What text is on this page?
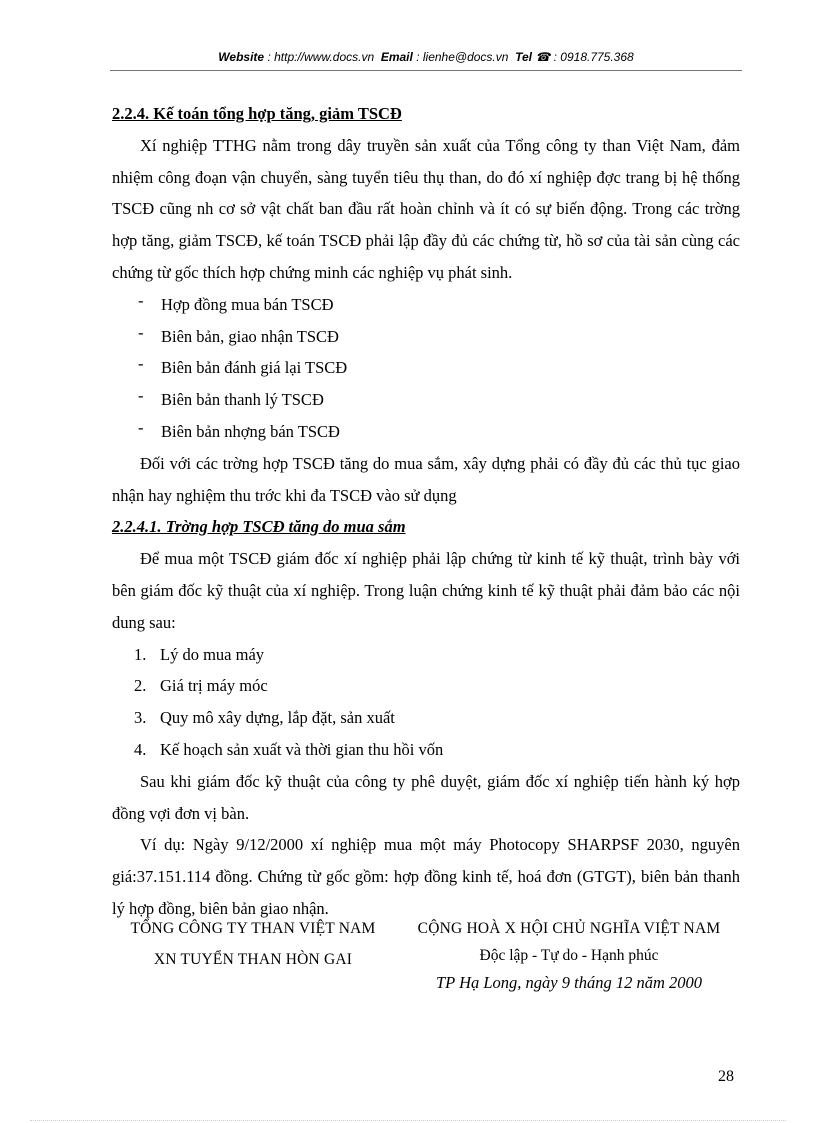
Website : http://www.docs.vn Email : lienhe@docs.vn Tel ☎ : 0918.775.368

2.2.4. Kế toán tổng hợp tăng, giảm TSCĐ

Xí nghiệp TTHG nằm trong dây truyền sản xuất của Tổng công ty than Việt Nam, đảm nhiệm công đoạn vận chuyển, sàng tuyển tiêu thụ than, do đó xí nghiệp đợc trang bị hệ thống TSCĐ cũng nh cơ sở vật chất ban đầu rất hoàn chỉnh và ít có sự biến động. Trong các trờng hợp tăng, giảm TSCĐ, kế toán TSCĐ phải lập đầy đủ các chứng từ, hồ sơ của tài sản cùng các chứng từ gốc thích hợp chứng minh các nghiệp vụ phát sinh.

- Hợp đồng mua bán TSCĐ
- Biên bản, giao nhận TSCĐ
- Biên bản đánh giá lại TSCĐ
- Biên bản thanh lý TSCĐ
- Biên bản nhợng bán TSCĐ

Đối với các trờng hợp TSCĐ tăng do mua sắm, xây dựng phải có đầy đủ các thủ tục giao nhận hay nghiệm thu trớc khi đa TSCĐ vào sử dụng

2.2.4.1. Trờng hợp TSCĐ tăng do mua sắm

Để mua một TSCĐ giám đốc xí nghiệp phải lập chứng từ kinh tế kỹ thuật, trình bày với bên giám đốc kỹ thuật của xí nghiệp. Trong luận chứng kinh tế kỹ thuật phải đảm bảo các nội dung sau:

1. Lý do mua máy
2. Giá trị máy móc
3. Quy mô xây dựng, lắp đặt, sản xuất
4. Kế hoạch sản xuất và thời gian thu hồi vốn

Sau khi giám đốc kỹ thuật của công ty phê duyệt, giám đốc xí nghiệp tiến hành ký hợp đồng vợi đơn vị bàn.

Ví dụ: Ngày 9/12/2000 xí nghiệp mua một máy Photocopy SHARPSF 2030, nguyên giá:37.151.114 đồng. Chứng từ gốc gồm: hợp đồng kinh tế, hoá đơn (GTGT), biên bản thanh lý hợp đồng, biên bản giao nhận.

TỔNG CÔNG TY THAN VIỆT NAM
XN TUYỂN THAN HÒN GAI
CỘNG HOÀ X HỘI CHỦ NGHĨA VIỆT NAM
Độc lập - Tự do - Hạnh phúc
TP Hạ Long, ngày 9 tháng 12 năm 2000
28
